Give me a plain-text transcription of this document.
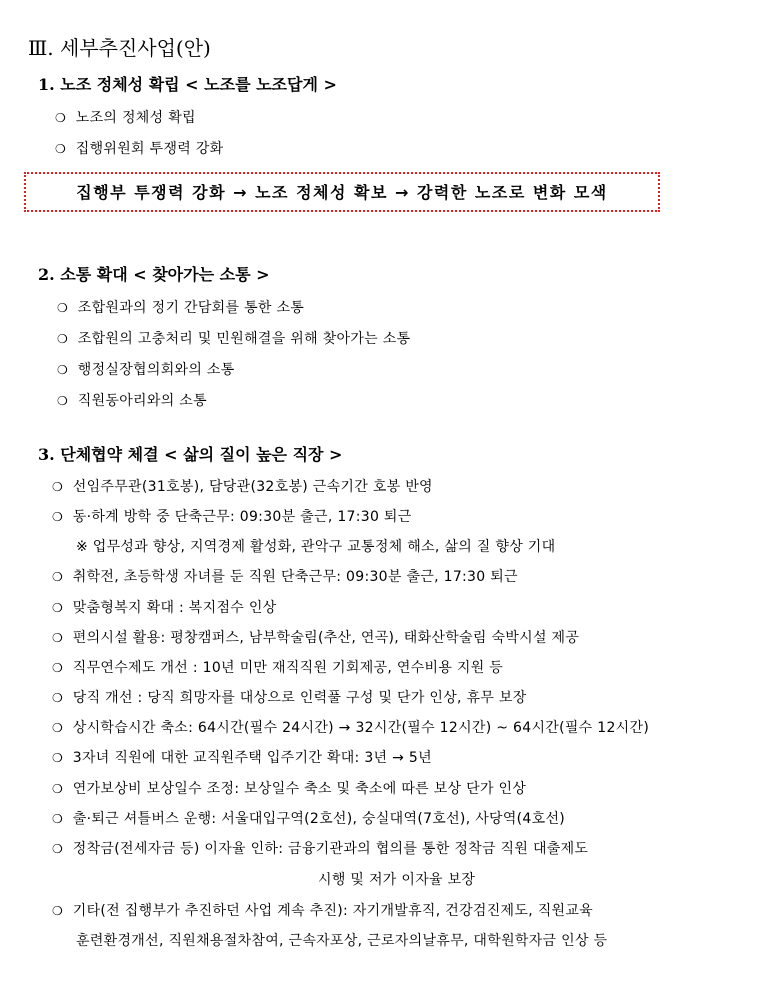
Ⅲ. 세부추진사업(안)
1. 노조 정체성 확립 < 노조를 노조답게 >
❍ 노조의 정체성 확립
❍ 집행위원회 투쟁력 강화
집행부 투쟁력 강화 → 노조 정체성 확보 → 강력한 노조로 변화 모색
2. 소통 확대 < 찾아가는 소통 >
❍ 조합원과의 정기 간담회를 통한 소통
❍ 조합원의 고충처리 및 민원해결을 위해 찾아가는 소통
❍ 행정실장협의회와의 소통
❍ 직원동아리와의 소통
3. 단체협약 체결 < 삶의 질이 높은 직장 >
❍ 선임주무관(31호봉), 담당관(32호봉) 근속기간 호봉 반영
❍ 동·하계 방학 중 단축근무: 09:30분 출근, 17:30 퇴근
※ 업무성과 향상, 지역경제 활성화, 관악구 교통정체 해소, 삶의 질 향상 기대
❍ 취학전, 초등학생 자녀를 둔 직원 단축근무: 09:30분 출근, 17:30 퇴근
❍ 맞춤형복지 확대 : 복지점수 인상
❍ 편의시설 활용: 평창캠퍼스, 남부학술림(추산, 연곡), 태화산학술림 숙박시설 제공
❍ 직무연수제도 개선 : 10년 미만 재직직원 기회제공, 연수비용 지원 등
❍ 당직 개선 : 당직 희망자를 대상으로 인력풀 구성 및 단가 인상, 휴무 보장
❍ 상시학습시간 축소: 64시간(필수 24시간) → 32시간(필수 12시간) ~ 64시간(필수 12시간)
❍ 3자녀 직원에 대한 교직원주택 입주기간 확대: 3년 → 5년
❍ 연가보상비 보상일수 조정: 보상일수 축소 및 축소에 따른 보상 단가 인상
❍ 출·퇴근 셔틀버스 운행: 서울대입구역(2호선), 숭실대역(7호선), 사당역(4호선)
❍ 정착금(전세자금 등) 이자율 인하: 금융기관과의 협의를 통한 정착금 직원 대출제도
시행 및 저가 이자율 보장
❍ 기타(전 집행부가 추진하던 사업 계속 추진): 자기개발휴직, 건강검진제도, 직원교육
훈련환경개선, 직원채용절차참여, 근속자포상, 근로자의날휴무, 대학원학자금 인상 등
